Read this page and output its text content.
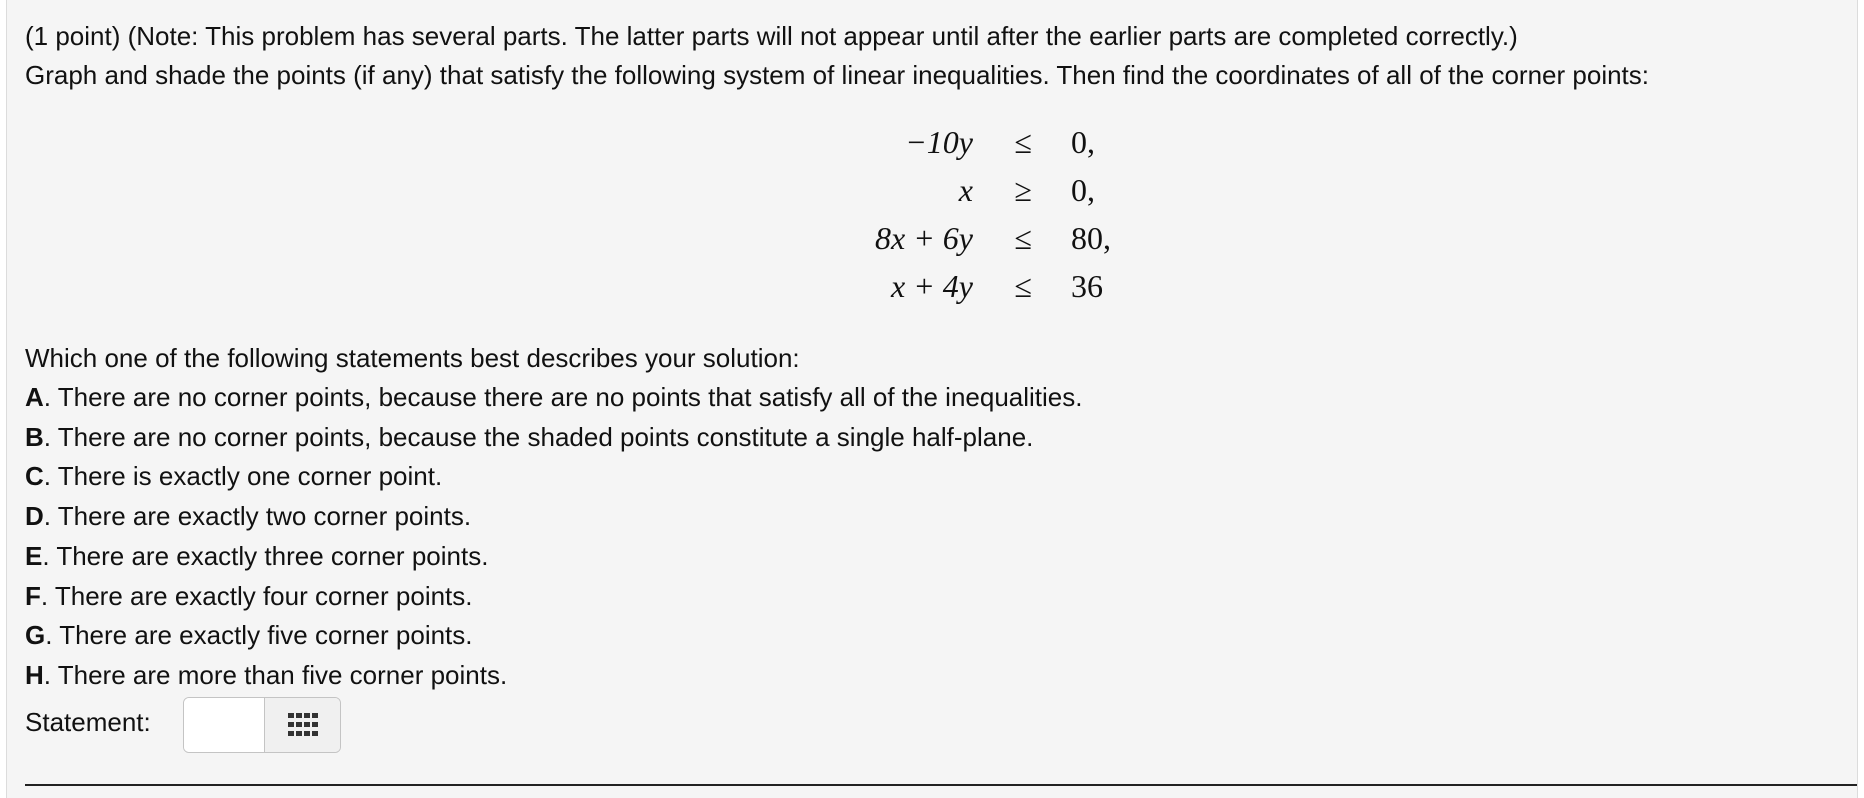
(1 point) (Note: This problem has several parts. The latter parts will not appear until after the earlier parts are completed correctly.)
Graph and shade the points (if any) that satisfy the following system of linear inequalities. Then find the coordinates of all of the corner points:
−10y	≤	0,
x	≥	0,
8x + 6y	≤	80,
x + 4y	≤	36
Which one of the following statements best describes your solution:
A. There are no corner points, because there are no points that satisfy all of the inequalities.
B. There are no corner points, because the shaded points constitute a single half-plane.
C. There is exactly one corner point.
D. There are exactly two corner points.
E. There are exactly three corner points.
F. There are exactly four corner points.
G. There are exactly five corner points.
H. There are more than five corner points.
Statement:
